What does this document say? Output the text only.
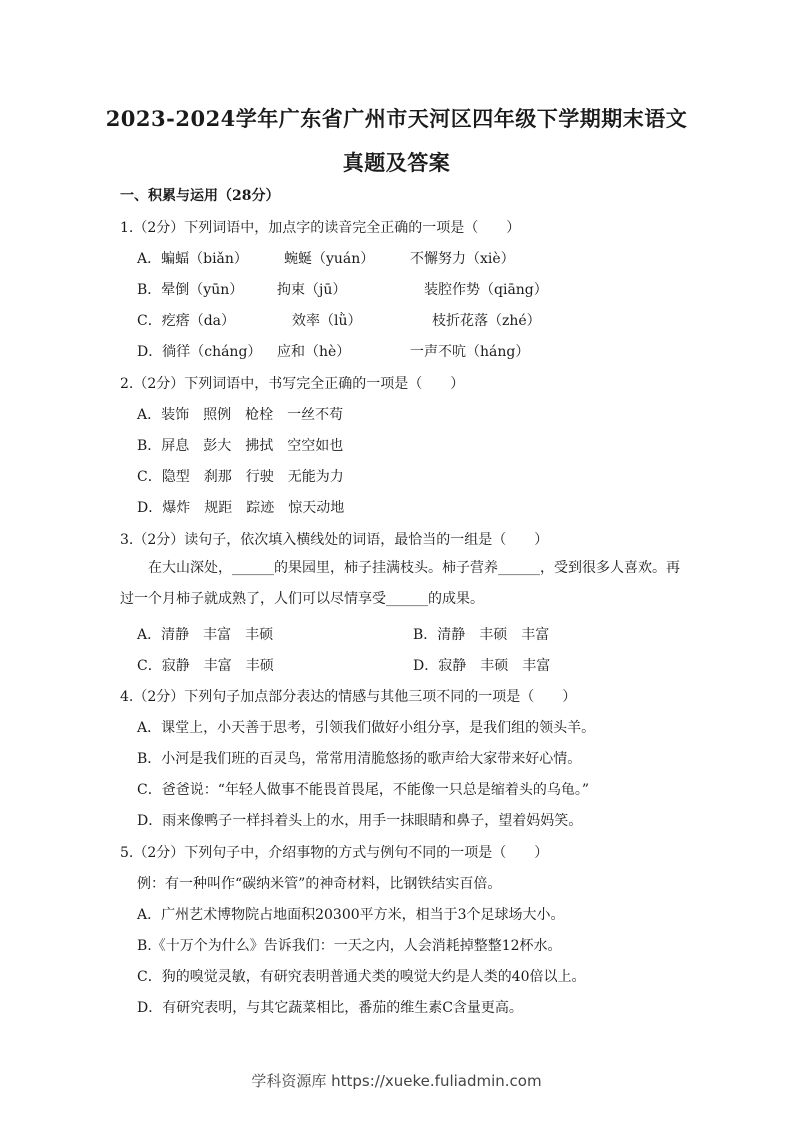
2023-2024学年广东省广州市天河区四年级下学期期末语文
真题及答案
一、积累与运用（28分）
1.（2分）下列词语中，加点字的读音完全正确的一项是（　　）
A．蝙蝠（biǎn）	蜿蜒（yuán）	不懈努力（xiè）
B．晕倒（yūn） 拘束（jū）	装腔作势（qiāng）
C．疙瘩（da）	效率（lǜ）	枝折花落（zhé）
D．徜徉（cháng） 应和（hè）	一声不吭（háng）
2.（2分）下列词语中，书写完全正确的一项是（　　）
A．装饰　照例　枪栓　一丝不苟
B．屏息　彭大　拂拭　空空如也
C．隐型　刹那　行驶　无能为力
D．爆炸　规距　踪迹　惊天动地
3.（2分）读句子，依次填入横线处的词语，最恰当的一组是（　　）
在大山深处，______的果园里，柿子挂满枝头。柿子营养______，受到很多人喜欢。再过一个月柿子就成熟了，人们可以尽情享受______的成果。
A．清静　丰富　丰硕	B．清静　丰硕　丰富
C．寂静　丰富　丰硕	D．寂静　丰硕　丰富
4.（2分）下列句子加点部分表达的情感与其他三项不同的一项是（　　）
A．课堂上，小天善于思考，引领我们做好小组分享，是我们组的领头羊。
B．小河是我们班的百灵鸟，常常用清脆悠扬的歌声给大家带来好心情。
C．爸爸说：“年轻人做事不能畏首畏尾，不能像一只总是缩着头的乌龟。”
D．雨来像鸭子一样抖着头上的水，用手一抹眼睛和鼻子，望着妈妈笑。
5.（2分）下列句子中，介绍事物的方式与例句不同的一项是（　　）
例：有一种叫作“碳纳米管”的神奇材料，比钢铁结实百倍。
A．广州艺术博物院占地面积20300平方米，相当于3个足球场大小。
B.《十万个为什么》告诉我们：一天之内，人会消耗掉整整12杯水。
C．狗的嗅觉灵敏，有研究表明普通犬类的嗅觉大约是人类的40倍以上。
D．有研究表明，与其它蔬菜相比，番茄的维生素C含量更高。
学科资源库 https://xueke.fuliadmin.com
